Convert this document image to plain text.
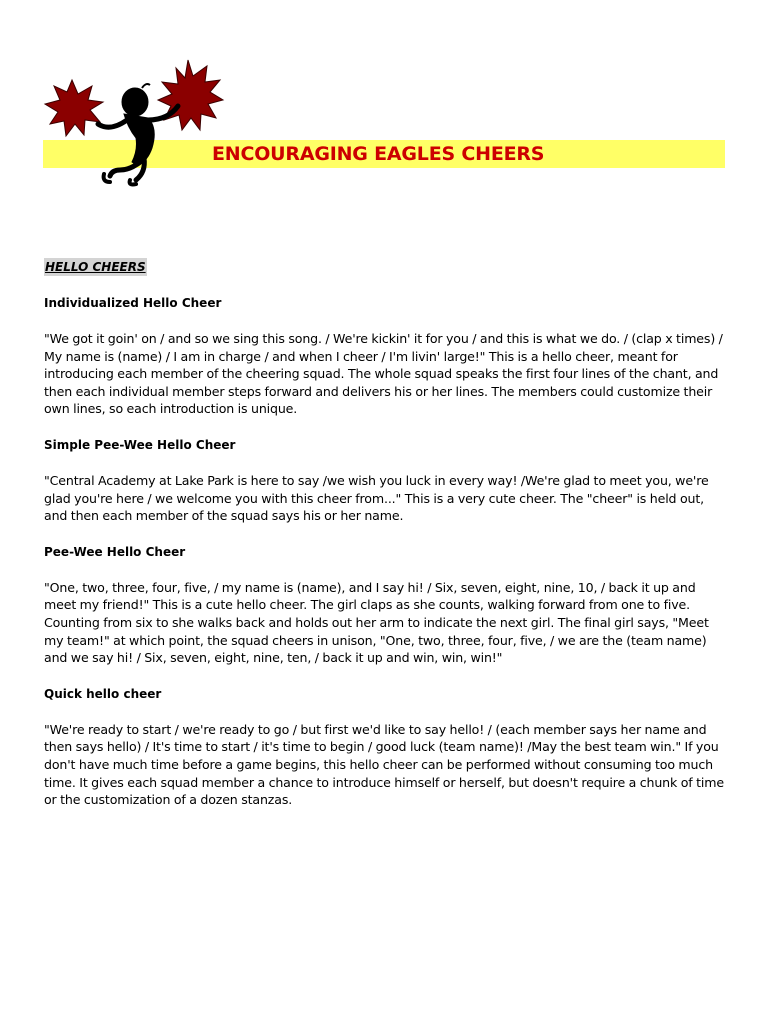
ENCOURAGING EAGLES CHEERS
HELLO CHEERS
Individualized Hello Cheer
"We got it goin' on / and so we sing this song. / We're kickin' it for you / and this is what we do. / (clap x times) / My name is (name) / I am in charge / and when I cheer / I'm livin' large!" This is a hello cheer, meant for introducing each member of the cheering squad. The whole squad speaks the first four lines of the chant, and then each individual member steps forward and delivers his or her lines. The members could customize their own lines, so each introduction is unique.
Simple Pee-Wee Hello Cheer
"Central Academy at Lake Park is here to say /we wish you luck in every way! /We're glad to meet you, we're glad you're here / we welcome you with this cheer from..." This is a very cute cheer. The "cheer" is held out, and then each member of the squad says his or her name.
Pee-Wee Hello Cheer
"One, two, three, four, five, / my name is (name), and I say hi! / Six, seven, eight, nine, 10, / back it up and meet my friend!" This is a cute hello cheer. The girl claps as she counts, walking forward from one to five. Counting from six to she walks back and holds out her arm to indicate the next girl. The final girl says, "Meet my team!" at which point, the squad cheers in unison, "One, two, three, four, five, / we are the (team name) and we say hi! / Six, seven, eight, nine, ten, / back it up and win, win, win!"
Quick hello cheer
"We're ready to start / we're ready to go / but first we'd like to say hello! / (each member says her name and then says hello) / It's time to start / it's time to begin / good luck (team name)! /May the best team win." If you don't have much time before a game begins, this hello cheer can be performed without consuming too much time. It gives each squad member a chance to introduce himself or herself, but doesn't require a chunk of time or the customization of a dozen stanzas.
